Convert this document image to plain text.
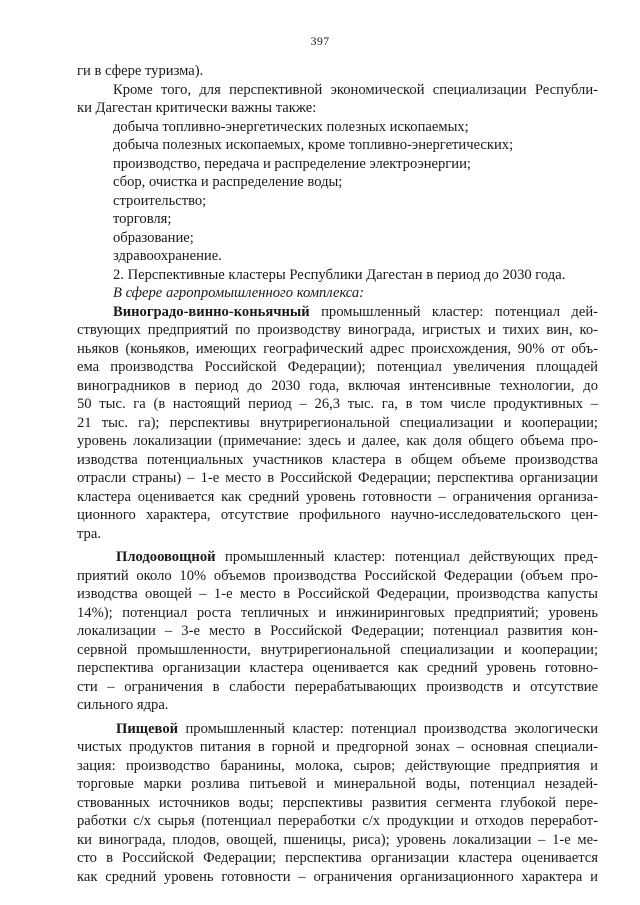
397
ги в сфере туризма).
Кроме того, для перспективной экономической специализации Республи-
ки Дагестан критически важны также:
добыча топливно-энергетических полезных ископаемых;
добыча полезных ископаемых, кроме топливно-энергетических;
производство, передача и распределение электроэнергии;
сбор, очистка и распределение воды;
строительство;
торговля;
образование;
здравоохранение.
2. Перспективные кластеры Республики Дагестан в период до 2030 года.
В сфере агропромышленного комплекса:
Виноградо-винно-коньячный промышленный кластер: потенциал дей-
ствующих предприятий по производству винограда, игристых и тихих вин, ко-
ньяков (коньяков, имеющих географический адрес происхождения, 90% от объ-
ема производства Российской Федерации); потенциал увеличения площадей
виноградников в период до 2030 года, включая интенсивные технологии, до
50 тыс. га (в настоящий период – 26,3 тыс. га, в том числе продуктивных –
21 тыс. га); перспективы внутрирегиональной специализации и кооперации;
уровень локализации (примечание: здесь и далее, как доля общего объема про-
изводства потенциальных участников кластера в общем объеме производства
отрасли страны) – 1-е место в Российской Федерации; перспектива организации
кластера оценивается как средний уровень готовности – ограничения организа-
ционного характера, отсутствие профильного научно-исследовательского цен-
тра.
Плодоовощной промышленный кластер: потенциал действующих пред-
приятий около 10% объемов производства Российской Федерации (объем про-
изводства овощей – 1-е место в Российской Федерации, производства капусты
14%); потенциал роста тепличных и инжиниринговых предприятий; уровень
локализации – 3-е место в Российской Федерации; потенциал развития кон-
сервной промышленности, внутрирегиональной специализации и кооперации;
перспектива организации кластера оценивается как средний уровень готовно-
сти – ограничения в слабости перерабатывающих производств и отсутствие
сильного ядра.
Пищевой промышленный кластер: потенциал производства экологически
чистых продуктов питания в горной и предгорной зонах – основная специали-
зация: производство баранины, молока, сыров; действующие предприятия и
торговые марки розлива питьевой и минеральной воды, потенциал незадей-
ствованных источников воды; перспективы развития сегмента глубокой пере-
работки с/х сырья (потенциал переработки с/х продукции и отходов переработ-
ки винограда, плодов, овощей, пшеницы, риса); уровень локализации – 1-е ме-
сто в Российской Федерации; перспектива организации кластера оценивается
как средний уровень готовности – ограничения организационного характера и
